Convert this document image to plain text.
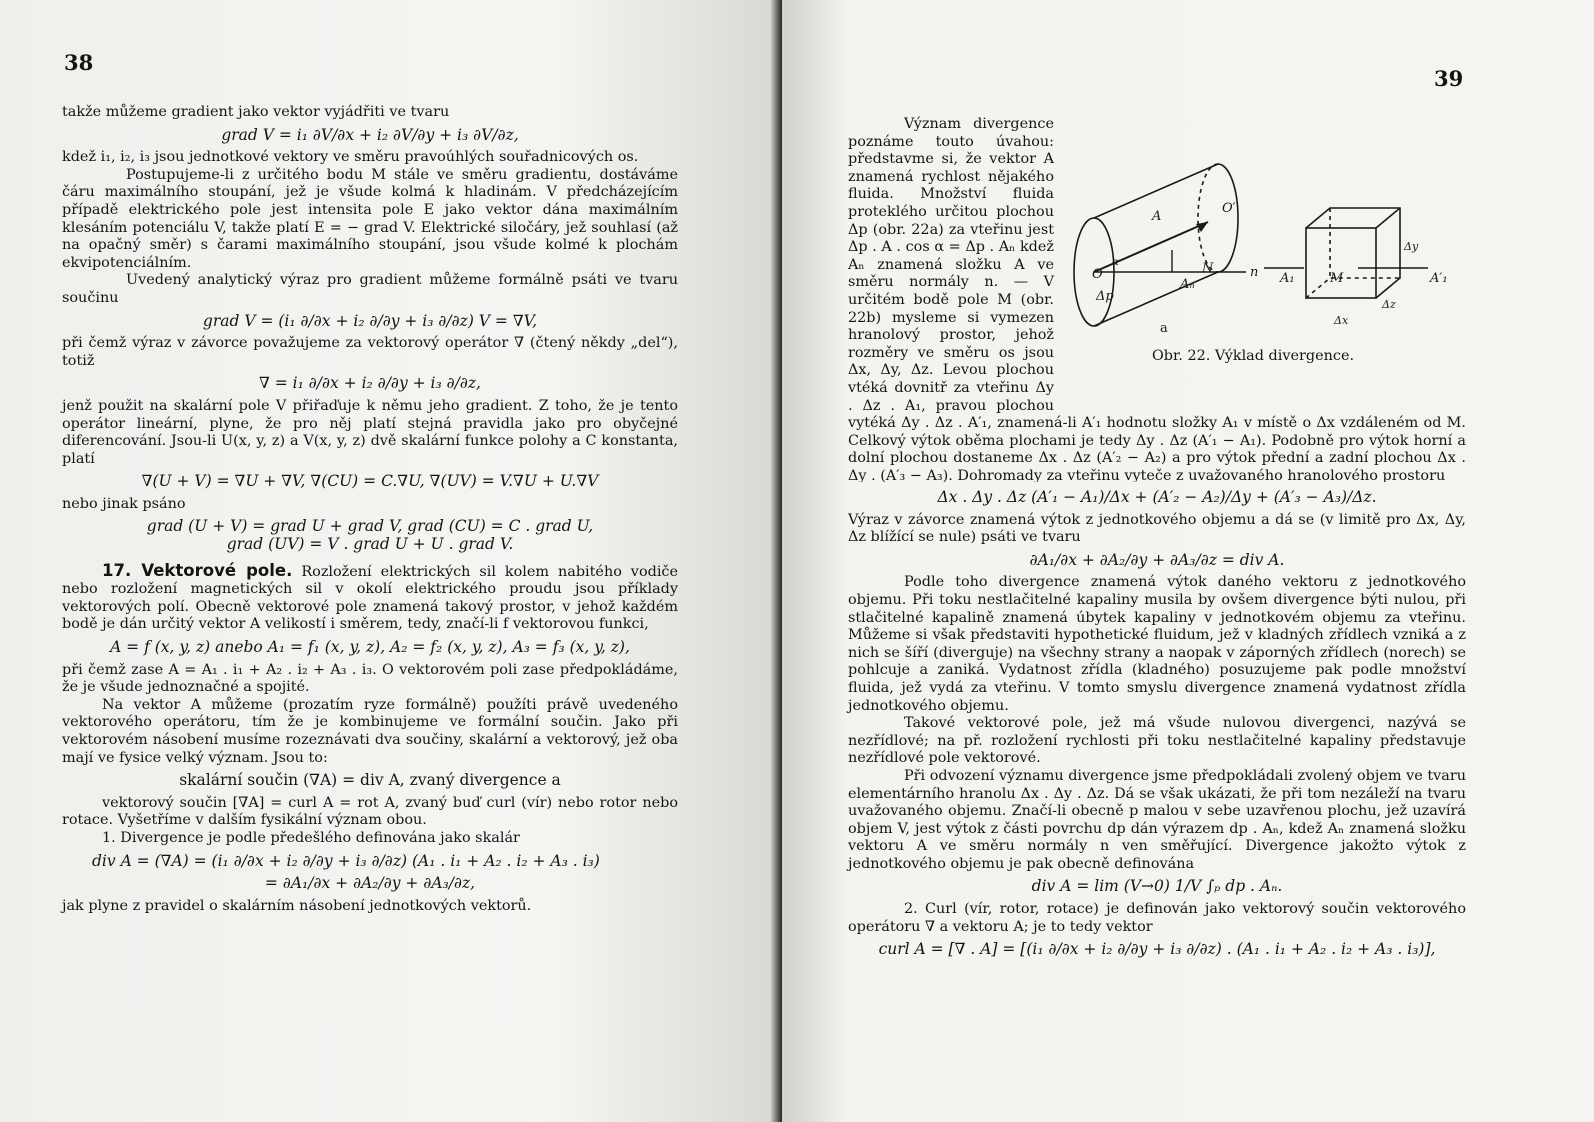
38

takže můžeme gradient jako vektor vyjádřiti ve tvaru

grad V = i₁ ∂V/∂x + i₂ ∂V/∂y + i₃ ∂V/∂z,

kdež i₁, i₂, i₃ jsou jednotkové vektory ve směru pravoúhlých souřadnicových os.

Postupujeme-li z určitého bodu M stále ve směru gradientu, dostáváme čáru maximálního stoupání, jež je všude kolmá k hladinám. V předcházejícím případě elektrického pole jest intensita pole E jako vektor dána maximálním klesáním potenciálu V, takže platí E = − grad V. Elektrické siločáry, jež souhlasí (až na opačný směr) s čarami maximálního stoupání, jsou všude kolmé k plochám ekvipotenciálním.

Uvedený analytický výraz pro gradient můžeme formálně psáti ve tvaru součinu

grad V = (i₁ ∂/∂x + i₂ ∂/∂y + i₃ ∂/∂z) V = ∇V,

při čemž výraz v závorce považujeme za vektorový operátor ∇ (čtený někdy „del“), totiž

∇ = i₁ ∂/∂x + i₂ ∂/∂y + i₃ ∂/∂z,

jenž použit na skalární pole V přiřaďuje k němu jeho gradient. Z toho, že je tento operátor lineární, plyne, že pro něj platí stejná pravidla jako pro obyčejné diferencování. Jsou-li U(x, y, z) a V(x, y, z) dvě skalární funkce polohy a C konstanta, platí

∇(U + V) = ∇U + ∇V, ∇(CU) = C.∇U, ∇(UV) = V.∇U + U.∇V

nebo jinak psáno

grad (U + V) = grad U + grad V, grad (CU) = C . grad U,
grad (UV) = V . grad U + U . grad V.

17. Vektorové pole. Rozložení elektrických sil kolem nabitého vodiče nebo rozložení magnetických sil v okolí elektrického proudu jsou příklady vektorových polí. Obecně vektorové pole znamená takový prostor, v jehož každém bodě je dán určitý vektor A velikostí i směrem, tedy, značí-li f vektorovou funkci,

A = f (x, y, z) anebo A₁ = f₁ (x, y, z), A₂ = f₂ (x, y, z), A₃ = f₃ (x, y, z),

při čemž zase A = A₁ . i₁ + A₂ . i₂ + A₃ . i₃. O vektorovém poli zase předpokládáme, že je všude jednoznačné a spojité.

Na vektor A můžeme (prozatím ryze formálně) použíti právě uvedeného vektorového operátoru, tím že je kombinujeme ve formální součin. Jako při vektorovém násobení musíme rozeznávati dva součiny, skalární a vektorový, jež oba mají ve fysice velký význam. Jsou to:

skalární součin (∇A) = div A, zvaný divergence a

vektorový součin [∇A] = curl A = rot A, zvaný buď curl (vír) nebo rotor nebo rotace. Vyšetříme v dalším fysikální význam obou.

1. Divergence je podle předešlého definována jako skalár

div A = (∇A) = (i₁ ∂/∂x + i₂ ∂/∂y + i₃ ∂/∂z) (A₁ . i₁ + A₂ . i₂ + A₃ . i₃)
= ∂A₁/∂x + ∂A₂/∂y + ∂A₃/∂z,

jak plyne z pravidel o skalárním násobení jednotkových vektorů.

39
A
O
O′
N	n
Aₙ
Δp
α
a
A₁	M	A′₁
Δy
Δz
Δx
Obr. 22. Výklad divergence.

Význam divergence poznáme touto úvahou: představme si, že vektor A znamená rychlost nějakého fluida. Množství fluida protekléhо určitou plochou Δp (obr. 22a) za vteřinu jest Δp . A . cos α = Δp . Aₙ kdež Aₙ znamená složku A ve směru normály n. — V určitém bodě pole M (obr. 22b) mysleme si vymezen hranolový prostor, jehož rozměry ve směru os jsou Δx, Δy, Δz. Levou plochou vtéká dovnitř za vteřinu Δy . Δz . A₁, pravou plochou vytéká Δy . Δz . A′₁, znamená-li A′₁ hodnotu složky A₁ v místě o Δx vzdáleném od M. Celkový výtok oběma plochami je tedy Δy . Δz (A′₁ − A₁). Podobně pro výtok horní a dolní plochou dostaneme Δx . Δz (A′₂ − A₂) a pro výtok přední a zadní plochou Δx . Δy . (A′₃ − A₃). Dohromady za vteřinu vyteče z uvažovaného hranolového prostoru

Δx . Δy . Δz (A′₁ − A₁)/Δx + (A′₂ − A₂)/Δy + (A′₃ − A₃)/Δz.

Výraz v závorce znamená výtok z jednotkového objemu a dá se (v limitě pro Δx, Δy, Δz blížící se nule) psáti ve tvaru

∂A₁/∂x + ∂A₂/∂y + ∂A₃/∂z = div A.

Podle toho divergence znamená výtok daného vektoru z jednotkového objemu. Při toku nestlačitelné kapaliny musila by ovšem divergence býti nulou, při stlačitelné kapalině znamená úbytek kapaliny v jednotkovém objemu za vteřinu. Můžeme si však představiti hypothetické fluidum, jež v kladných zřídlech vzniká a z nich se šíří (diverguje) na všechny strany a naopak v záporných zřídlech (norech) se pohlcuje a zaniká. Vydatnost zřídla (kladného) posuzujeme pak podle množství fluida, jež vydá za vteřinu. V tomto smyslu divergence znamená vydatnost zřídla jednotkového objemu.

Takové vektorové pole, jež má všude nulovou divergenci, nazývá se nezřídlové; na př. rozložení rychlosti při toku nestlačitelné kapaliny představuje nezřídlové pole vektorové.

Při odvození významu divergence jsme předpokládali zvolený objem ve tvaru elementárního hranolu Δx . Δy . Δz. Dá se však ukázati, že při tom nezáleží na tvaru uvažovaného objemu. Značí-li obecně p malou v sebe uzavřenou plochu, jež uzavírá objem V, jest výtok z části povrchu dp dán výrazem dp . Aₙ, kdež Aₙ znamená složku vektoru A ve směru normály n ven směřující. Divergence jakožto výtok z jednotkového objemu je pak obecně definována

div A = lim (V→0) 1/V ∫ₚ dp . Aₙ.

2. Curl (vír, rotor, rotace) je definován jako vektorový součin vektorového operátoru ∇ a vektoru A; je to tedy vektor

curl A = [∇ . A] = [(i₁ ∂/∂x + i₂ ∂/∂y + i₃ ∂/∂z) . (A₁ . i₁ + A₂ . i₂ + A₃ . i₃)],
